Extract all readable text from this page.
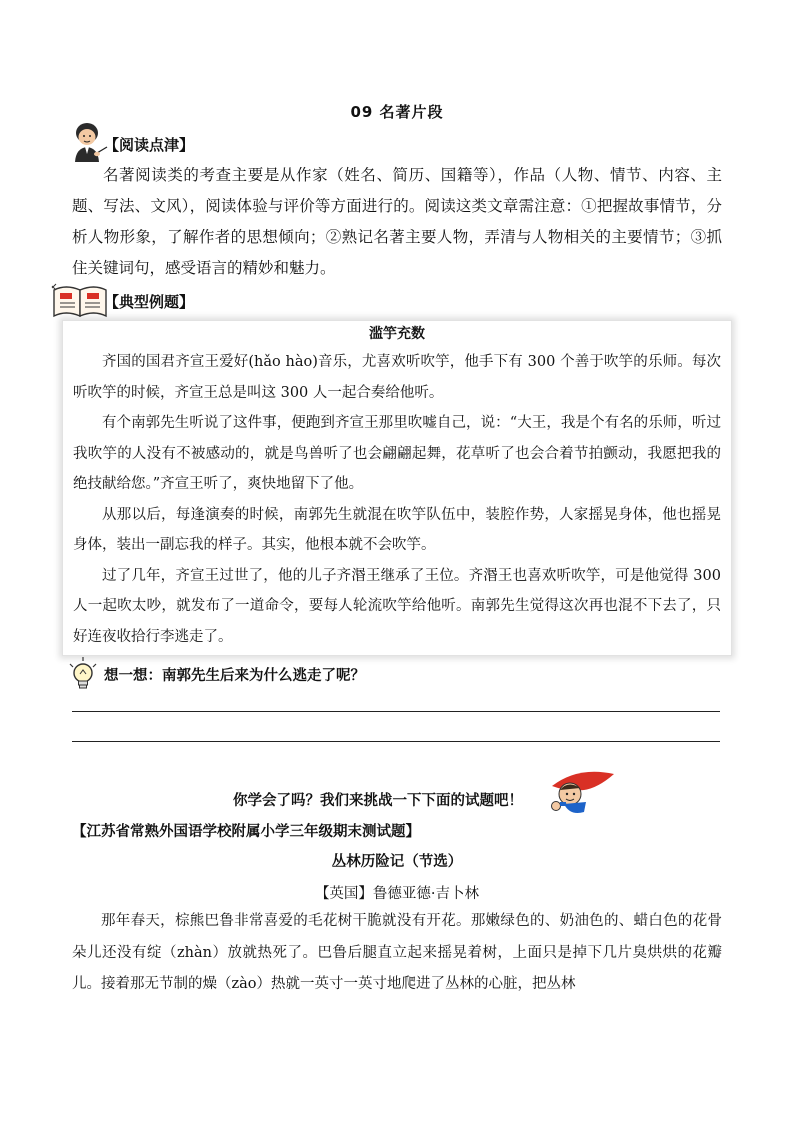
09 名著片段
【阅读点津】

名著阅读类的考查主要是从作家（姓名、简历、国籍等），作品（人物、情节、内容、主题、写法、文风），阅读体验与评价等方面进行的。阅读这类文章需注意：①把握故事情节，分析人物形象，了解作者的思想倾向；②熟记名著主要人物，弄清与人物相关的主要情节；③抓住关键词句，感受语言的精妙和魅力。

【典型例题】
滥竽充数

齐国的国君齐宣王爱好(hǎo hào)音乐，尤喜欢听吹竽，他手下有 300 个善于吹竽的乐师。每次听吹竽的时候，齐宣王总是叫这 300 人一起合奏给他听。

有个南郭先生听说了这件事，便跑到齐宣王那里吹嘘自己，说：“大王，我是个有名的乐师，听过我吹竽的人没有不被感动的，就是鸟兽听了也会翩翩起舞，花草听了也会合着节拍颤动，我愿把我的绝技献给您。”齐宣王听了，爽快地留下了他。

从那以后，每逢演奏的时候，南郭先生就混在吹竽队伍中，装腔作势，人家摇晃身体，他也摇晃身体，装出一副忘我的样子。其实，他根本就不会吹竽。

过了几年，齐宣王过世了，他的儿子齐湣王继承了王位。齐湣王也喜欢听吹竽，可是他觉得 300 人一起吹太吵，就发布了一道命令，要每人轮流吹竽给他听。南郭先生觉得这次再也混不下去了，只好连夜收拾行李逃走了。

想一想：南郭先生后来为什么逃走了呢？
你学会了吗？我们来挑战一下下面的试题吧！
【江苏省常熟外国语学校附属小学三年级期末测试题】
丛林历险记（节选）
【英国】鲁德亚德·吉卜林

那年春天，棕熊巴鲁非常喜爱的毛花树干脆就没有开花。那嫩绿色的、奶油色的、蜡白色的花骨朵儿还没有绽（zhàn）放就热死了。巴鲁后腿直立起来摇晃着树，上面只是掉下几片臭烘烘的花瓣儿。接着那无节制的燥（zào）热就一英寸一英寸地爬进了丛林的心脏，把丛林
